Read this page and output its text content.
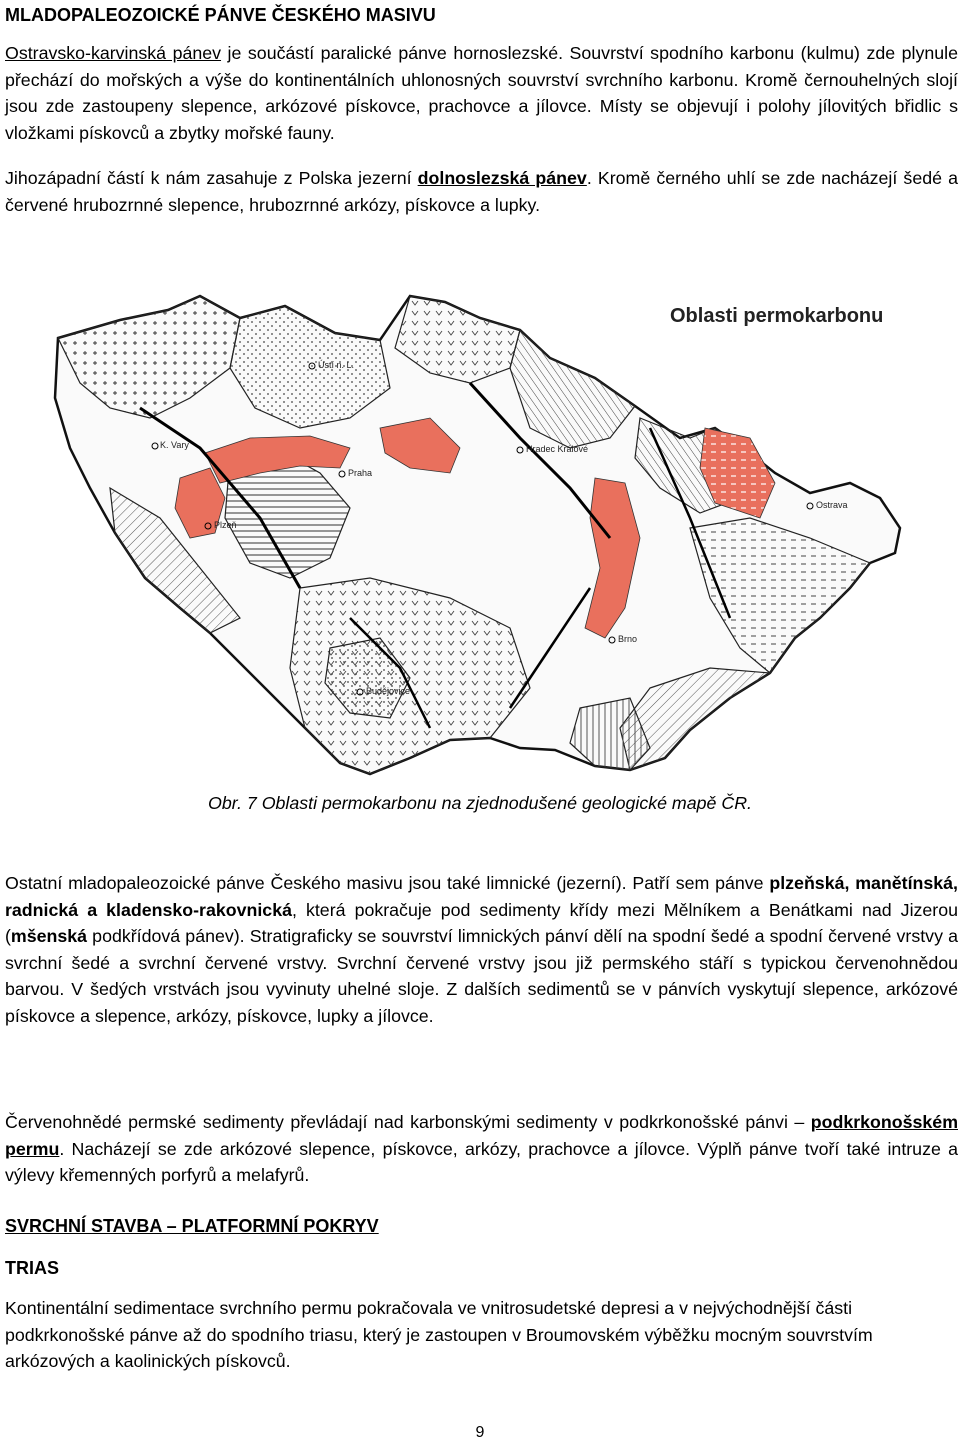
MLADOPALEOZOICKÉ PÁNVE ČESKÉHO MASIVU

Ostravsko-karvinská pánev je součástí paralické pánve hornoslezské. Souvrství spodního karbonu (kulmu) zde plynule přechází do mořských a výše do kontinentálních uhlonosných souvrství svrchního karbonu. Kromě černouhelných slojí jsou zde zastoupeny slepence, arkózové pískovce, prachovce a jílovce. Místy se objevují i polohy jílovitých břidlic s vložkami pískovců a zbytky mořské fauny.

Jihozápadní částí k nám zasahuje z Polska jezerní dolnoslezská pánev. Kromě černého uhlí se zde nacházejí šedé a červené hrubozrnné slepence, hrubozrnné arkózy, pískovce a lupky.

Oblasti permokarbonu
Ústí n. L.
K. Vary
Praha
Plzeň
Hradec Králové
Ostrava
Brno
Budějovice
Obr. 7 Oblasti permokarbonu na zjednodušené geologické mapě ČR.

Ostatní mladopaleozoické pánve Českého masivu jsou také limnické (jezerní). Patří sem pánve plzeňská, manětínská, radnická a kladensko-rakovnická, která pokračuje pod sedimenty křídy mezi Mělníkem a Benátkami nad Jizerou (mšenská podkřídová pánev). Stratigraficky se souvrství limnických pánví dělí na spodní šedé a spodní červené vrstvy a svrchní šedé a svrchní červené vrstvy. Svrchní červené vrstvy jsou již permského stáří s typickou červenohnědou barvou. V šedých vrstvách jsou vyvinuty uhelné sloje. Z dalších sedimentů se v pánvích vyskytují slepence, arkózové pískovce a slepence, arkózy, pískovce, lupky a jílovce.

Červenohnědé permské sedimenty převládají nad karbonskými sedimenty v podkrkonošské pánvi – podkrkonošském permu. Nacházejí se zde arkózové slepence, pískovce, arkózy, prachovce a jílovce. Výplň pánve tvoří také intruze a výlevy křemenných porfyrů a melafyrů.

SVRCHNÍ STAVBA – PLATFORMNÍ POKRYV
TRIAS

Kontinentální sedimentace svrchního permu pokračovala ve vnitrosudetské depresi a v nejvýchodnější části podkrkonošské pánve až do spodního triasu, který je zastoupen v Broumovském výběžku mocným souvrstvím arkózových a kaolinických pískovců.

9
